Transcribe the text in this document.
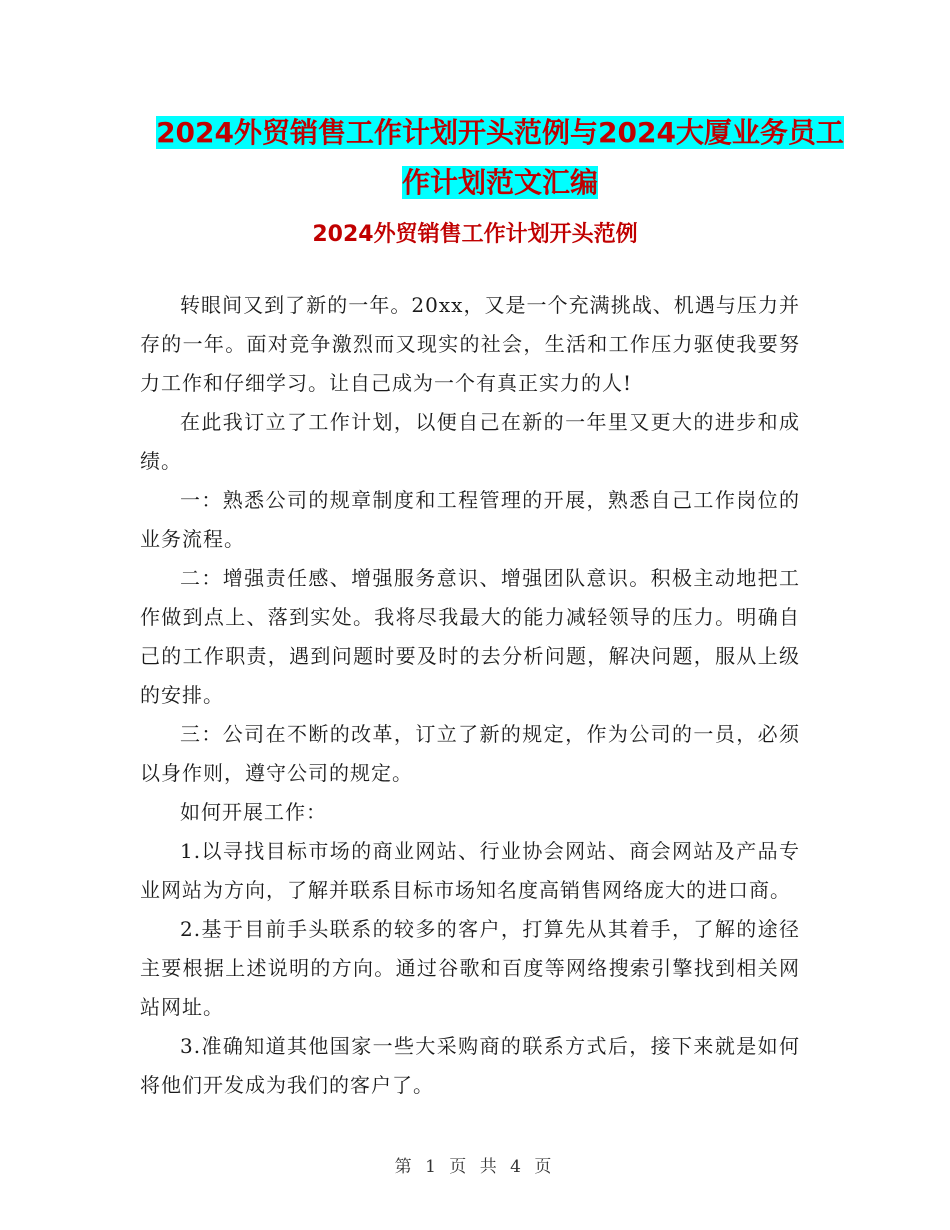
2024外贸销售工作计划开头范例与2024大厦业务员工作计划范文汇编
2024外贸销售工作计划开头范例

转眼间又到了新的一年。20xx，又是一个充满挑战、机遇与压力并存的一年。面对竞争激烈而又现实的社会，生活和工作压力驱使我要努力工作和仔细学习。让自己成为一个有真正实力的人!

在此我订立了工作计划，以便自己在新的一年里又更大的进步和成绩。

一：熟悉公司的规章制度和工程管理的开展，熟悉自己工作岗位的业务流程。

二：增强责任感、增强服务意识、增强团队意识。积极主动地把工作做到点上、落到实处。我将尽我最大的能力减轻领导的压力。明确自己的工作职责，遇到问题时要及时的去分析问题，解决问题，服从上级的安排。

三：公司在不断的改革，订立了新的规定，作为公司的一员，必须以身作则，遵守公司的规定。

如何开展工作：

1.以寻找目标市场的商业网站、行业协会网站、商会网站及产品专业网站为方向，了解并联系目标市场知名度高销售网络庞大的进口商。

2.基于目前手头联系的较多的客户，打算先从其着手，了解的途径主要根据上述说明的方向。通过谷歌和百度等网络搜索引擎找到相关网站网址。

3.准确知道其他国家一些大采购商的联系方式后，接下来就是如何将他们开发成为我们的客户了。

第 1 页 共 4 页
